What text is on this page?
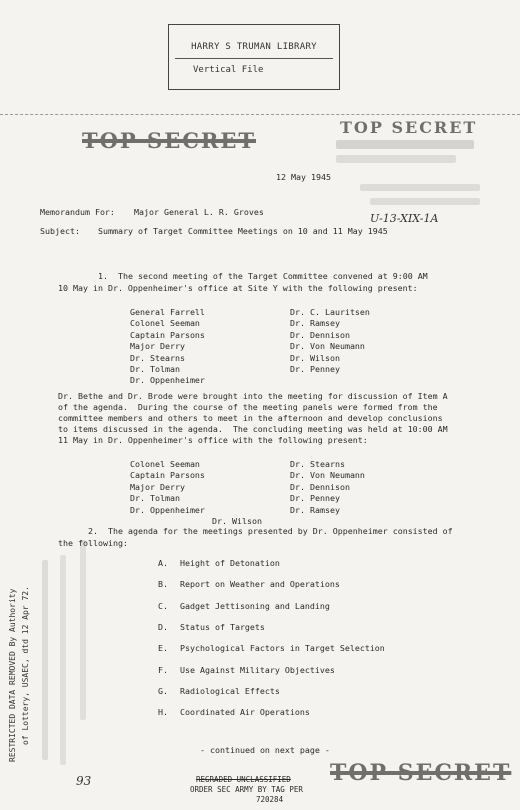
HARRY S TRUMAN LIBRARY
Vertical File
TOP SECRET
TOP SECRET
U-13-XIX-1A
12 May 1945
Memorandum For: Major General L. R. Groves
Subject: Summary of Target Committee Meetings on 10 and 11 May 1945
1.  The second meeting of the Target Committee convened at 9:00 AM
10 May in Dr. Oppenheimer's office at Site Y with the following present:
General Farrell	Dr. C. Lauritsen
Colonel Seeman	Dr. Ramsey
Captain Parsons	Dr. Dennison
Major Derry	Dr. Von Neumann
Dr. Stearns	Dr. Wilson
Dr. Tolman	Dr. Penney
Dr. Oppenheimer	
Dr. Bethe and Dr. Brode were brought into the meeting for discussion of Item A
of the agenda.  During the course of the meeting panels were formed from the
committee members and others to meet in the afternoon and develop conclusions
to items discussed in the agenda.  The concluding meeting was held at 10:00 AM
11 May in Dr. Oppenheimer's office with the following present:
Colonel Seeman	Dr. Stearns
Captain Parsons	Dr. Von Neumann
Major Derry	Dr. Dennison
Dr. Tolman	Dr. Penney
Dr. Oppenheimer	Dr. Ramsey
Dr. Wilson
2.  The agenda for the meetings presented by Dr. Oppenheimer consisted of
the following:
A. Height of Detonation
B. Report on Weather and Operations
C. Gadget Jettisoning and Landing
D. Status of Targets
E. Psychological Factors in Target Selection
F. Use Against Military Objectives
G. Radiological Effects
H. Coordinated Air Operations
- continued on next page -
RESTRICTED DATA REMOVED By Authority of Lottery, USAEC, dtd 12 Apr 72.
93	REGRADED UNCLASSIFIED
ORDER SEC ARMY BY TAG PER
720284
TOP SECRET
